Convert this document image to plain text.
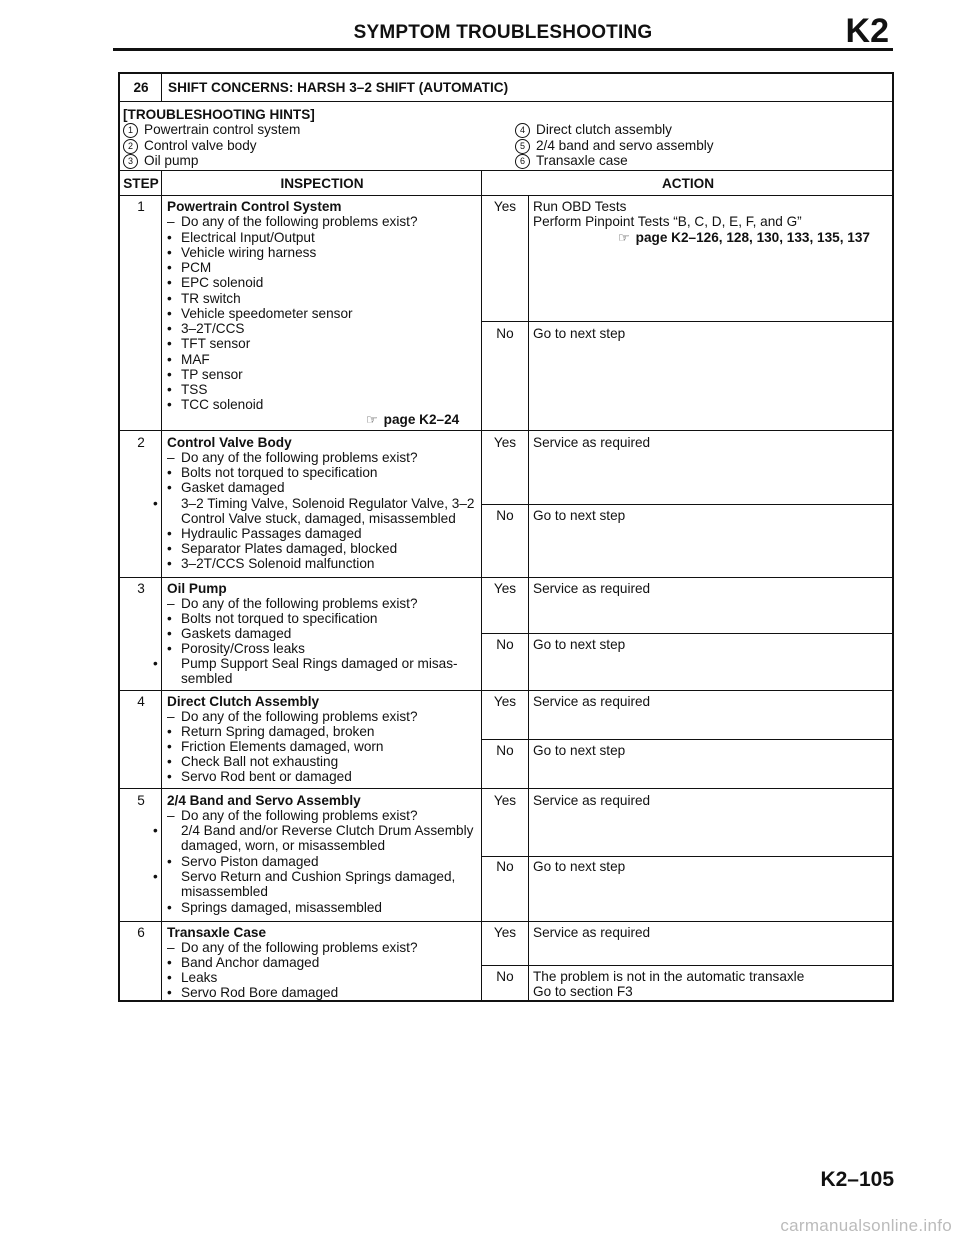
SYMPTOM TROUBLESHOOTING	K2
26	SHIFT CONCERNS: HARSH 3–2 SHIFT (AUTOMATIC)
[TROUBLESHOOTING HINTS]
1 Powertrain control system
2 Control valve body
3 Oil pump
4 Direct clutch assembly
5 2/4 band and servo assembly
6 Transaxle case
STEP	INSPECTION	ACTION
1	Powertrain Control System
– Do any of the following problems exist?
• Electrical Input/Output
• Vehicle wiring harness
• PCM
• EPC solenoid
• TR switch
• Vehicle speedometer sensor
• 3–2T/CCS
• TFT sensor
• MAF
• TP sensor
• TSS
• TCC solenoid
☞ page K2–24
Yes	Run OBD Tests
Perform Pinpoint Tests “B, C, D, E, F, and G”
☞ page K2–126, 128, 130, 133, 135, 137
No	Go to next step
2	Control Valve Body
– Do any of the following problems exist?
• Bolts not torqued to specification
• Gasket damaged
• 3–2 Timing Valve, Solenoid Regulator Valve, 3–2 Control Valve stuck, damaged, misassembled
• Hydraulic Passages damaged
• Separator Plates damaged, blocked
• 3–2T/CCS Solenoid malfunction
Yes	Service as required
No	Go to next step
3	Oil Pump
– Do any of the following problems exist?
• Bolts not torqued to specification
• Gaskets damaged
• Porosity/Cross leaks
• Pump Support Seal Rings damaged or misas- sembled
Yes	Service as required
No	Go to next step
4	Direct Clutch Assembly
– Do any of the following problems exist?
• Return Spring damaged, broken
• Friction Elements damaged, worn
• Check Ball not exhausting
• Servo Rod bent or damaged
Yes	Service as required
No	Go to next step
5	2/4 Band and Servo Assembly
– Do any of the following problems exist?
• 2/4 Band and/or Reverse Clutch Drum Assembly damaged, worn, or misassembled
• Servo Piston damaged
• Servo Return and Cushion Springs damaged, misassembled
• Springs damaged, misassembled
Yes	Service as required
No	Go to next step
6	Transaxle Case
– Do any of the following problems exist?
• Band Anchor damaged
• Leaks
• Servo Rod Bore damaged
Yes	Service as required
No	The problem is not in the automatic transaxle
Go to section F3
K2–105
carmanualsonline.info
